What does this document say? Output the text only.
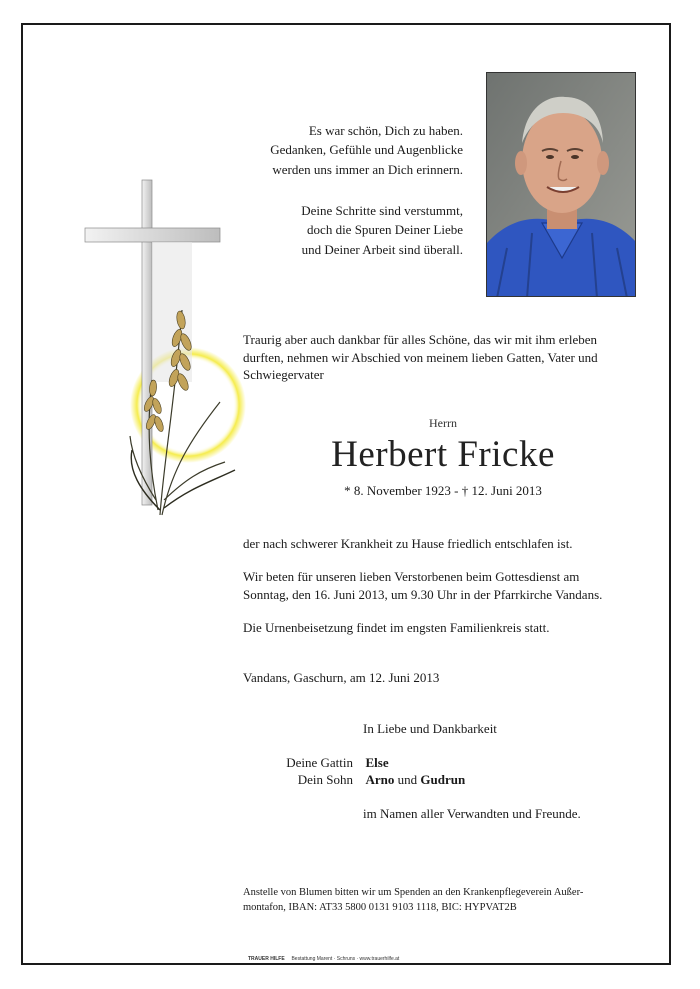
Es war schön, Dich zu haben.
Gedanken, Gefühle und Augenblicke
werden uns immer an Dich erinnern.
Deine Schritte sind verstummt,
doch die Spuren Deiner Liebe
und Deiner Arbeit sind überall.
Traurig aber auch dankbar für alles Schöne, das wir mit ihm erleben
durften, nehmen wir Abschied von meinem lieben Gatten, Vater und
Schwiegervater
Herrn
Herbert Fricke
* 8. November 1923 - † 12. Juni 2013
der nach schwerer Krankheit zu Hause friedlich entschlafen ist.
Wir beten für unseren lieben Verstorbenen beim Gottesdienst am
Sonntag, den 16. Juni 2013, um 9.30 Uhr in der Pfarrkirche Vandans.
Die Urnenbeisetzung findet im engsten Familienkreis statt.
Vandans, Gaschurn, am 12. Juni 2013
In Liebe und Dankbarkeit
Deine Gattin Else
Dein Sohn Arno und Gudrun
im Namen aller Verwandten und Freunde.
Anstelle von Blumen bitten wir um Spenden an den Krankenpflegeverein Außer-
montafon, IBAN: AT33 5800 0131 9103 1118, BIC: HYPVAT2B
TRAUER HILFE Bestattung Marent · Schruns · www.trauerhilfe.at
